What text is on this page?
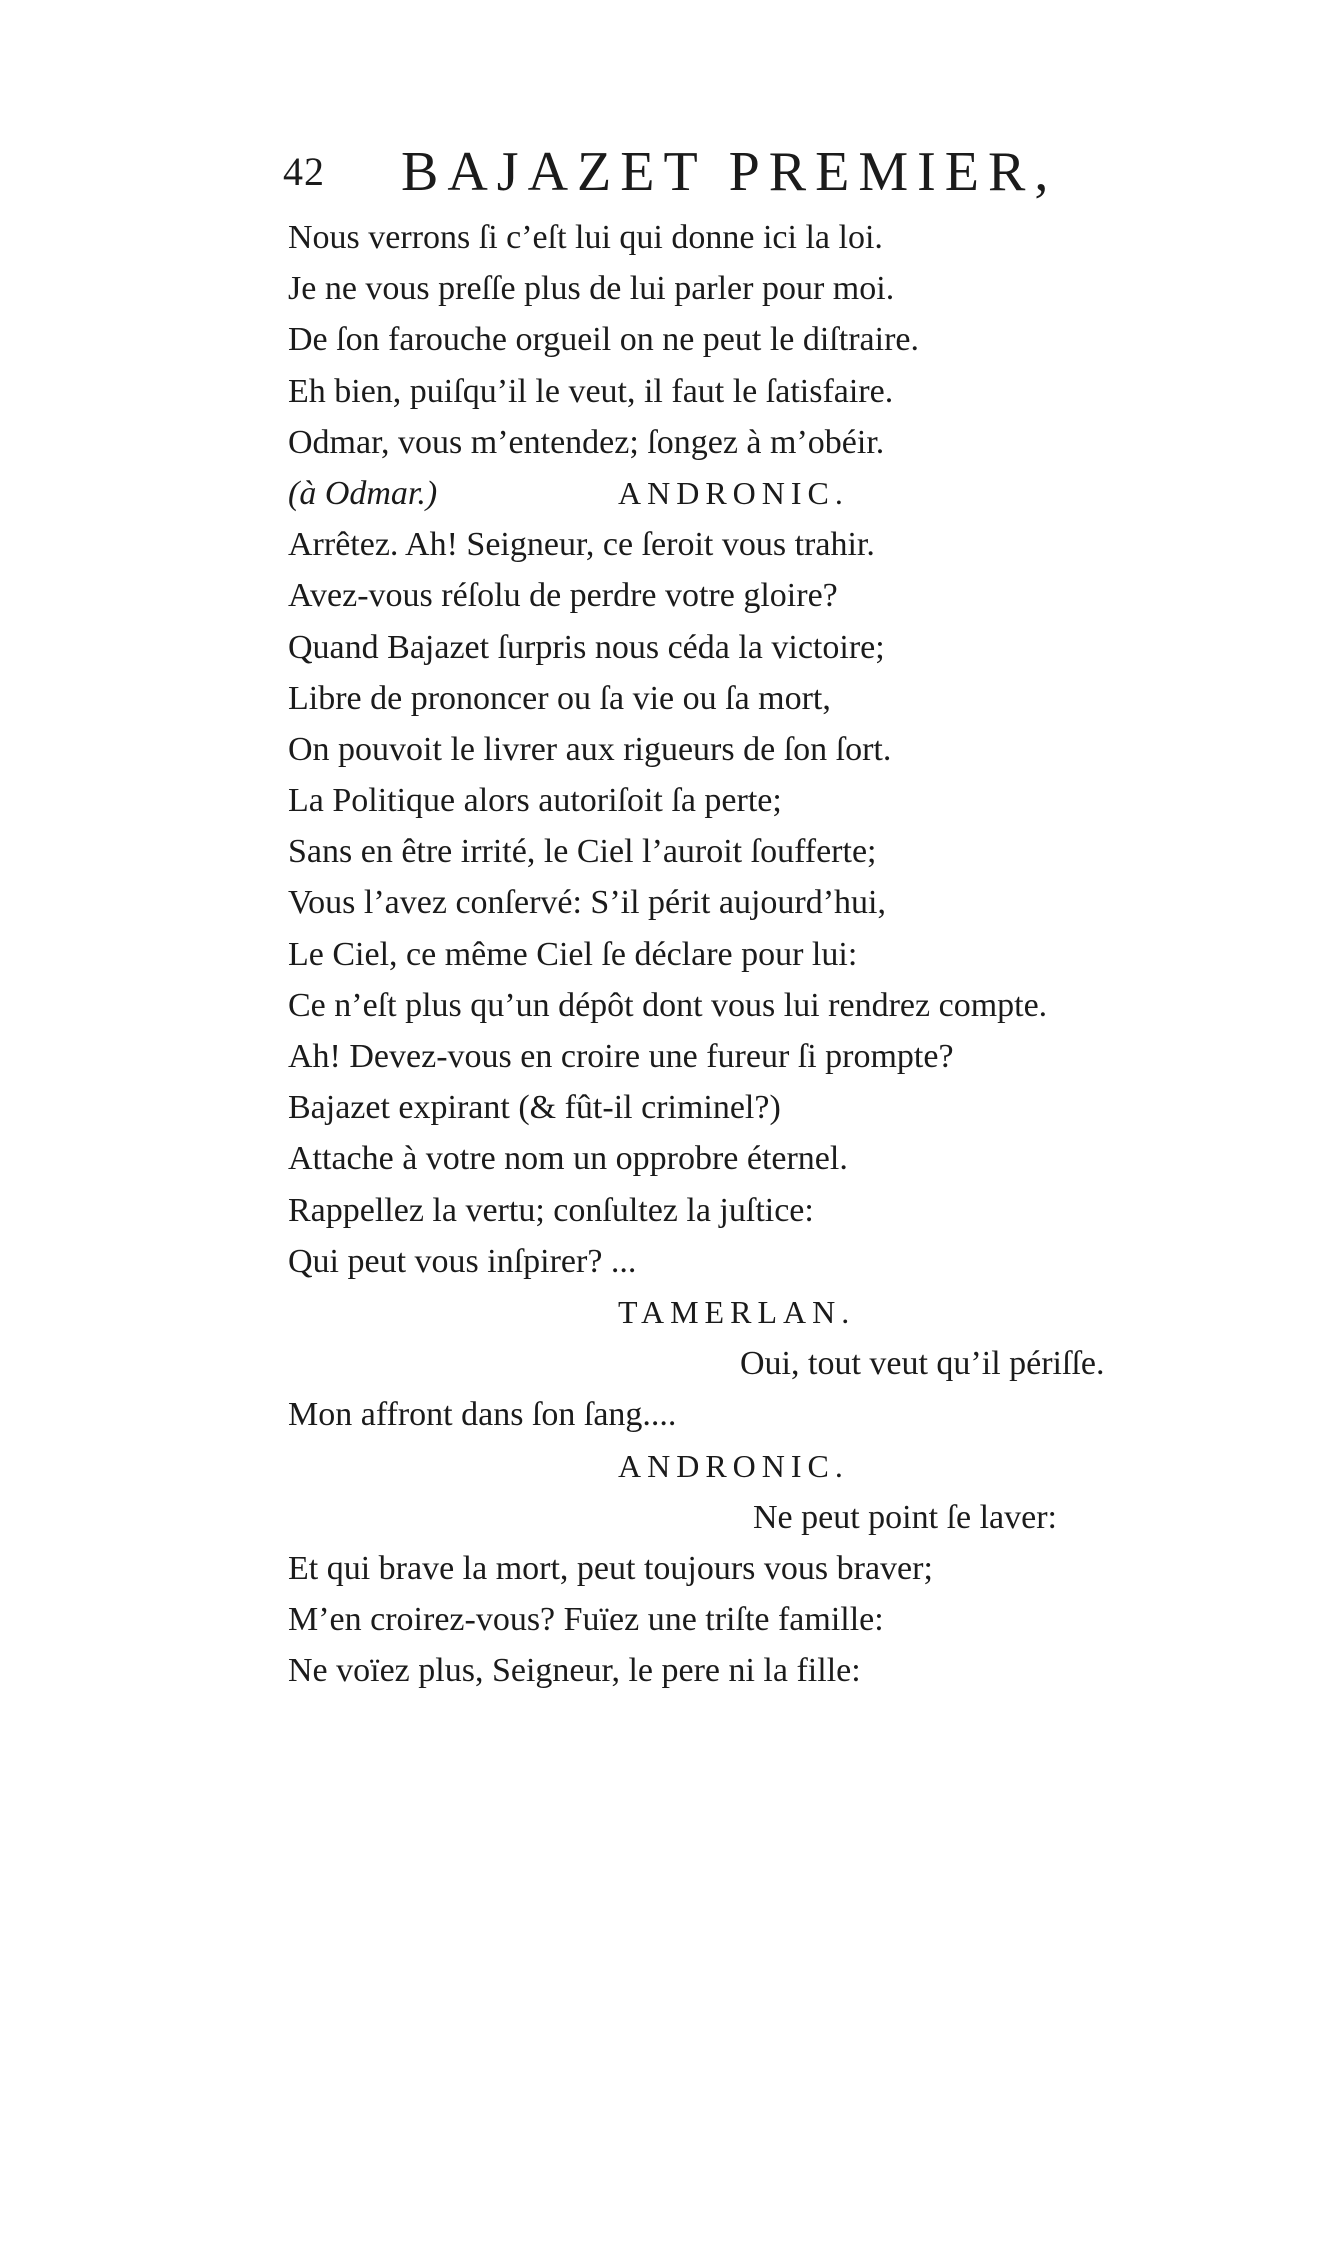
42 BAJAZET PREMIER,
Nous verrons ſi c’eſt lui qui donne ici la loi.
Je ne vous preſſe plus de lui parler pour moi.
De ſon farouche orgueil on ne peut le diſtraire.
Eh bien, puiſqu’il le veut, il faut le ſatisfaire.
Odmar, vous m’entendez; ſongez à m’obéir.
(à Odmar.)	ANDRONIC.
Arrêtez. Ah! Seigneur, ce ſeroit vous trahir.
Avez-vous réſolu de perdre votre gloire?
Quand Bajazet ſurpris nous céda la victoire;
Libre de prononcer ou ſa vie ou ſa mort,
On pouvoit le livrer aux rigueurs de ſon ſort.
La Politique alors autoriſoit ſa perte;
Sans en être irrité, le Ciel l’auroit ſoufferte;
Vous l’avez conſervé: S’il périt aujourd’hui,
Le Ciel, ce même Ciel ſe déclare pour lui:
Ce n’eſt plus qu’un dépôt dont vous lui rendrez compte.
Ah! Devez-vous en croire une fureur ſi prompte?
Bajazet expirant (& fût-il criminel?)
Attache à votre nom un opprobre éternel.
Rappellez la vertu; conſultez la juſtice:
Qui peut vous inſpirer? ...
TAMERLAN.
Oui, tout veut qu’il périſſe.
Mon affront dans ſon ſang....
ANDRONIC.
Ne peut point ſe laver:
Et qui brave la mort, peut toujours vous braver;
M’en croirez-vous? Fuïez une triſte famille:
Ne voïez plus, Seigneur, le pere ni la fille:
